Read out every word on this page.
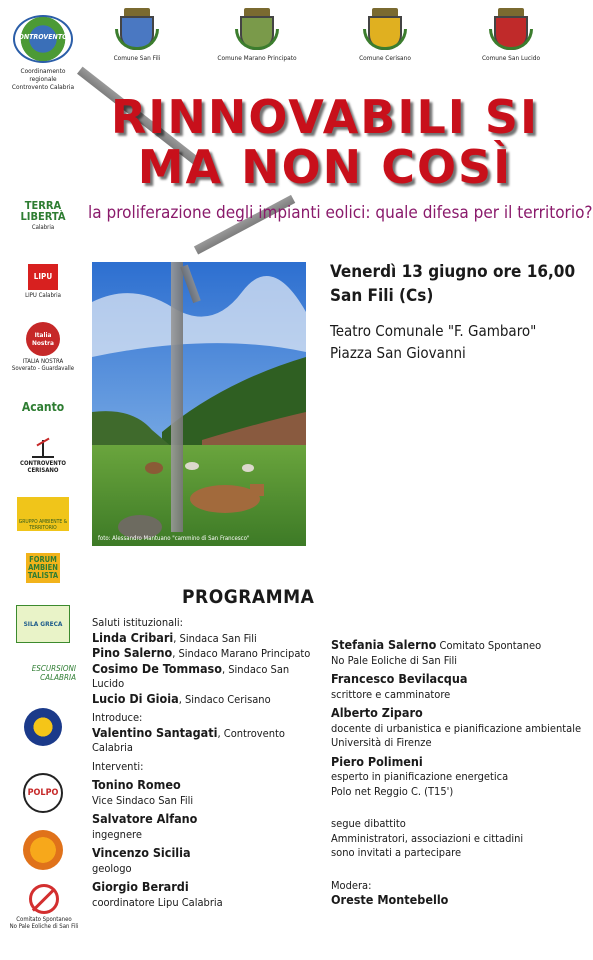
ONTROVENTO
Coordinamento regionale
Controvento Calabria
Comune San Fili	Comune Marano Principato	Comune Cerisano	Comune San Lucido
RINNOVABILI SI
MA NON COSÌ
la proliferazione degli impianti eolici: quale difesa per il territorio?
foto: Alessandro Mantuano "cammino di San Francesco"
Venerdì 13 giugno ore 16,00
San Fili (Cs)
Teatro Comunale "F. Gambaro"
Piazza San Giovanni
TERRA LIBERTÀ
Calabria
LIPU
LIPU Calabria
Italia Nostra
ITALIA NOSTRA
Soverato - Guardavalle
Acanto
CONTROVENTO CERISANO
GRUPPO AMBIENTE & TERRITORIO
FORUM AMBIENTALISTA
SILA GRECA
ESCURSIONI CALABRIA
POLPO
Comitato Spontaneo
No Pale Eoliche di San Fili
PROGRAMMA
Saluti istituzionali:
Linda Cribari, Sindaca San Fili
Pino Salerno, Sindaco Marano Principato
Cosimo De Tommaso, Sindaco San Lucido
Lucio Di Gioia, Sindaco Cerisano
Introduce:
Valentino Santagati, Controvento Calabria
Interventi:
Tonino Romeo
Vice Sindaco San Fili
Salvatore Alfano
ingegnere
Vincenzo Sicilia
geologo
Giorgio Berardi
coordinatore Lipu Calabria
Stefania Salerno Comitato Spontaneo
No Pale Eoliche di San Fili
Francesco Bevilacqua
scrittore e camminatore
Alberto Ziparo
docente di urbanistica e pianificazione ambientale
Università di Firenze
Piero Polimeni
esperto in pianificazione energetica
Polo net Reggio C. (T15')
segue dibattito
Amministratori, associazioni e cittadini
sono invitati a partecipare
Modera:
Oreste Montebello
